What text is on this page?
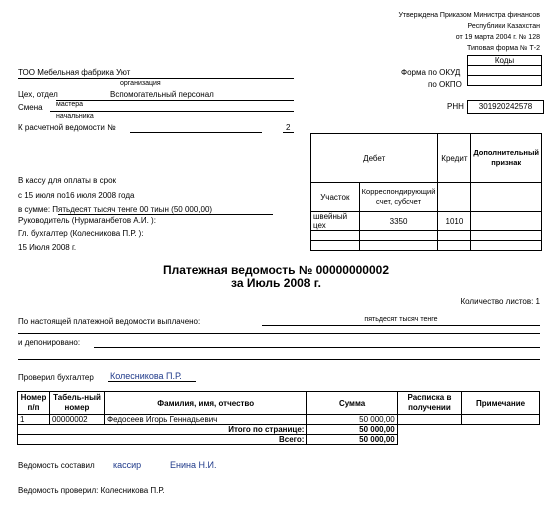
Утверждена Приказом Министра финансов
Республики Казахстан
от 19 марта 2004 г. № 128
Типовая форма № Т-2
Коды

Форма по ОКУД
по ОКПО
РНН	301920242578
ТОО Мебельная фабрика Уют
организация
Цех, отдел	Вспомогательный персонал
Смена мастера
начальника
К расчетной ведомости №	2
Дебет		Кредит	Дополнительный признак
Участок	Корреспондирующий счет, субсчет		
швейный цех	3350	1010	

В кассу для оплаты в срок
с 15 июля по16 июля 2008 года
в сумме: Пятьдесят тысяч тенге 00 тиын (50 000,00)
Руководитель (Нурмаганбетов А.И. ):
Гл. бухгалтер (Колесникова П.Р. ):
15 Июля 2008 г.
Платежная ведомость № 00000000002
за Июль 2008 г.
Количество листов: 1
По настоящей платежной ведомости выплачено:	пятьдесят тысяч тенге
и депонировано:
Проверил бухгалтер Колесникова П.Р.
Номер п/п	Табель-ный номер	Фамилия, имя, отчество	Сумма	Расписка в получении	Примечание
1	00000002	Федосеев Игорь Геннадьевич	50 000,00		
Итого по странице:			50 000,00		
Всего:			50 000,00		
Ведомость составил кассир	Енина Н.И.
Ведомость проверил: Колесникова П.Р.
